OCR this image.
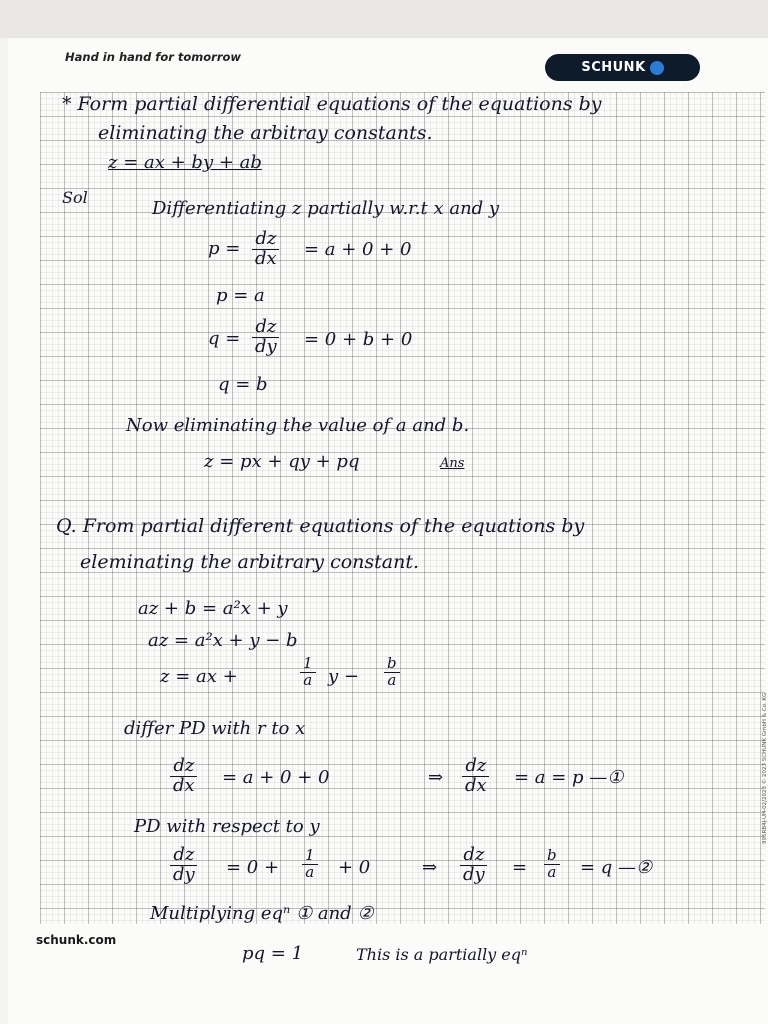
Hand in hand for tomorrow
SCHUNK
* Form partial differential equations of the equations by
eliminating the arbitray constants.
z = ax + by + ab
Sol
Differentiating z partially w.r.t x and y
$p = \frac{dz}{dx} = a + 0 + 0$
p = a
$q = \frac{dz}{dy} = 0 + b + 0$
q = b
Now eliminating the value of a and b.
z = px + qy + pq	Ans
Q. From partial different equations of the equations by
eleminating the arbitrary constant.
az + b = a²x + y
az = a²x + y − b
z = ax +	$\frac{1}{a}$ $y - \frac{b}{a}$
differ PD with r to x
$\frac{dz}{dx} = a + 0 + 0$	⇒ $\frac{dz}{dx} = a = p$ —①
PD with respect to y
$\frac{dz}{dy} = 0 + \frac{1}{a} + 0$	⇒ $\frac{dz}{dy} = \frac{b}{a} = q$ —②
Multiplying eqⁿ ① and ②
pq = 1	This is a partially eqⁿ
schunk.com
995RB4J-UH-02/2023 © 2023 SCHUNK GmbH & Co. KG
